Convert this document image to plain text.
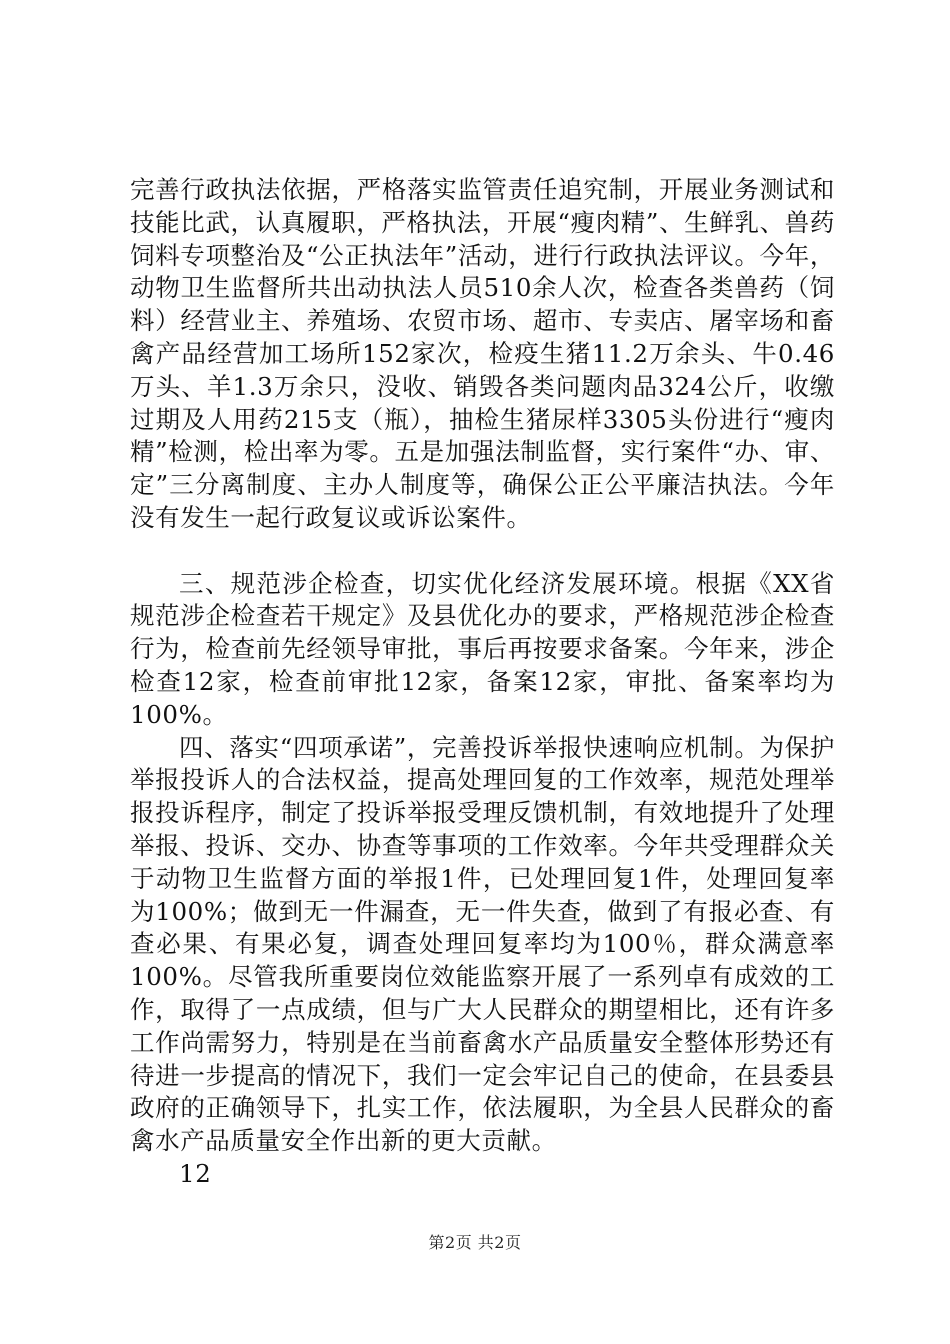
完善行政执法依据，严格落实监管责任追究制，开展业务测试和技能比武，认真履职，严格执法，开展“瘦肉精”、生鲜乳、兽药饲料专项整治及“公正执法年”活动，进行行政执法评议。今年，动物卫生监督所共出动执法人员510余人次，检查各类兽药（饲料）经营业主、养殖场、农贸市场、超市、专卖店、屠宰场和畜禽产品经营加工场所152家次，检疫生猪11.2万余头、牛0.46万头、羊1.3万余只，没收、销毁各类问题肉品324公斤，收缴过期及人用药215支（瓶），抽检生猪尿样3305头份进行“瘦肉精”检测，检出率为零。五是加强法制监督，实行案件“办、审、定”三分离制度、主办人制度等，确保公正公平廉洁执法。今年没有发生一起行政复议或诉讼案件。

三、规范涉企检查，切实优化经济发展环境。根据《XX省规范涉企检查若干规定》及县优化办的要求，严格规范涉企检查行为，检查前先经领导审批，事后再按要求备案。今年来，涉企检查12家，检查前审批12家，备案12家，审批、备案率均为100%。

四、落实“四项承诺”，完善投诉举报快速响应机制。为保护举报投诉人的合法权益，提高处理回复的工作效率，规范处理举报投诉程序，制定了投诉举报受理反馈机制，有效地提升了处理举报、投诉、交办、协查等事项的工作效率。今年共受理群众关于动物卫生监督方面的举报1件，已处理回复1件，处理回复率为100%；做到无一件漏查，无一件失查，做到了有报必查、有查必果、有果必复，调查处理回复率均为100％，群众满意率100%。尽管我所重要岗位效能监察开展了一系列卓有成效的工作，取得了一点成绩，但与广大人民群众的期望相比，还有许多工作尚需努力，特别是在当前畜禽水产品质量安全整体形势还有待进一步提高的情况下，我们一定会牢记自己的使命，在县委县政府的正确领导下，扎实工作，依法履职，为全县人民群众的畜禽水产品质量安全作出新的更大贡献。

12

第2页 共2页
